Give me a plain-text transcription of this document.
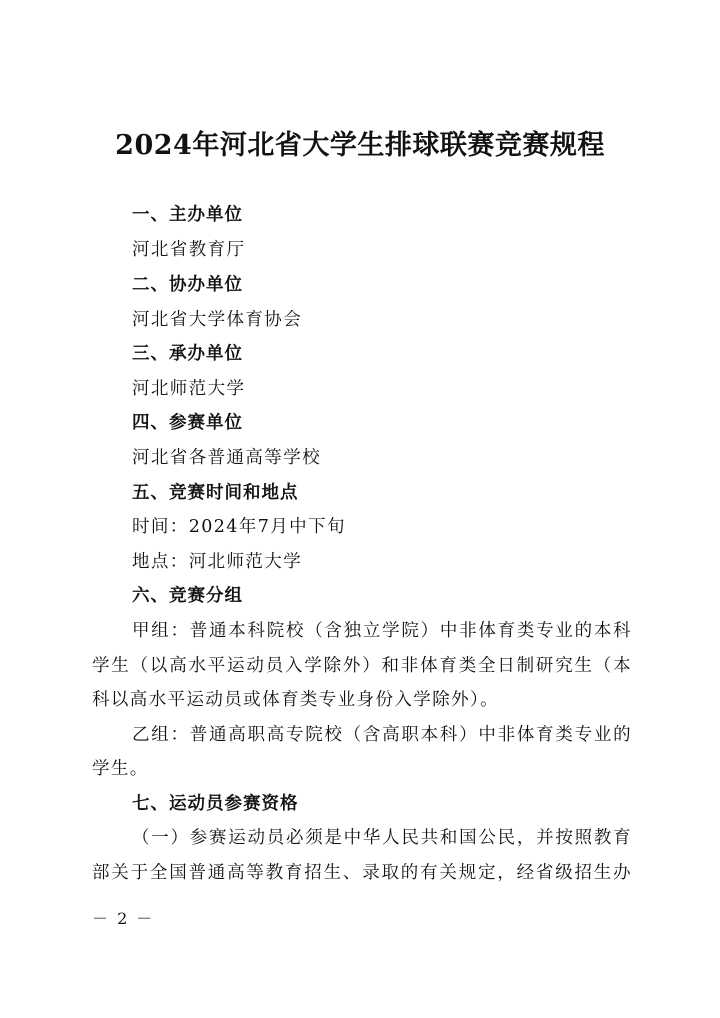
2024年河北省大学生排球联赛竞赛规程
一、主办单位
河北省教育厅
二、协办单位
河北省大学体育协会
三、承办单位
河北师范大学
四、参赛单位
河北省各普通高等学校
五、竞赛时间和地点
时间：2024年7月中下旬
地点：河北师范大学
六、竞赛分组
甲组：普通本科院校（含独立学院）中非体育类专业的本科
学生（以高水平运动员入学除外）和非体育类全日制研究生（本
科以高水平运动员或体育类专业身份入学除外）。
乙组：普通高职高专院校（含高职本科）中非体育类专业的
学生。
七、运动员参赛资格
（一）参赛运动员必须是中华人民共和国公民，并按照教育
部关于全国普通高等教育招生、录取的有关规定，经省级招生办
－ 2 －
